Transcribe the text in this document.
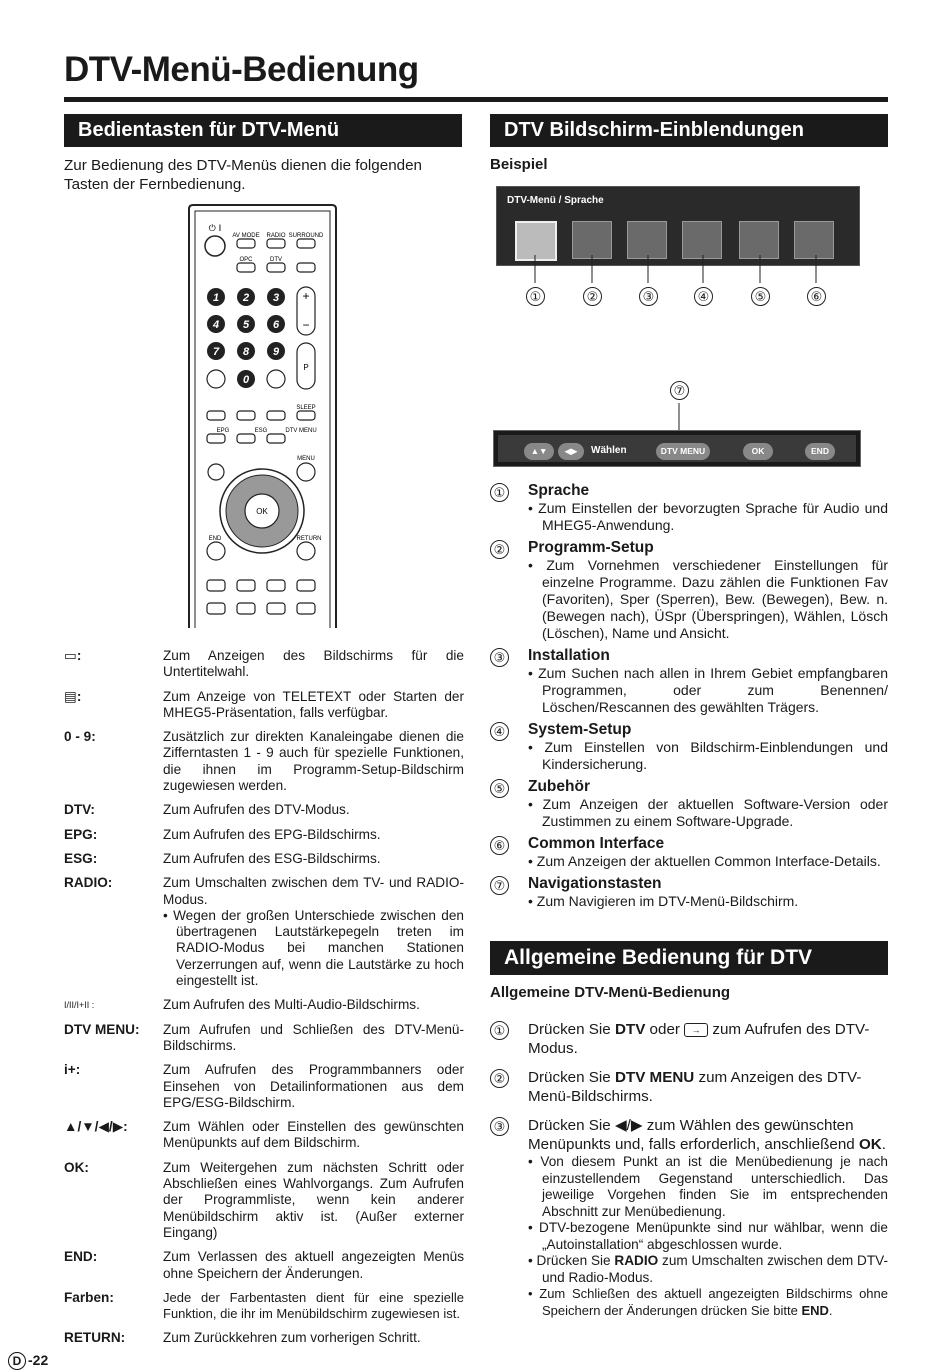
DTV-Menü-Bedienung
Bedientasten für DTV-Menü
Zur Bedienung des DTV-Menüs dienen die folgenden Tasten der Fernbedienung.
⏻ I
AV MODE RADIO SURROUND
OPC	DTV
1 2 3
4 5 6
7 8 9
0
+
−
P
SLEEP
EPG	ESG	DTV MENU
MENU
END	RETURN
OK
▭:	Zum Anzeigen des Bildschirms für die Untertitelwahl.
▤:	Zum Anzeige von TELETEXT oder Starten der MHEG5-Präsentation, falls verfügbar.
0 - 9:	Zusätzlich zur direkten Kanaleingabe dienen die Zifferntasten 1 - 9 auch für spezielle Funktionen, die ihnen im Programm-Setup-Bildschirm zugewiesen werden.
DTV:	Zum Aufrufen des DTV-Modus.
EPG:	Zum Aufrufen des EPG-Bildschirms.
ESG:	Zum Aufrufen des ESG-Bildschirms.
RADIO:	Zum Umschalten zwischen dem TV- und RADIO-Modus.
• Wegen der großen Unterschiede zwischen den übertragenen Lautstärkepegeln treten im RADIO-Modus bei manchen Stationen Verzerrungen auf, wenn die Lautstärke zu hoch eingestellt ist.
I/II/I+II :	Zum Aufrufen des Multi-Audio-Bildschirms.
DTV MENU:	Zum Aufrufen und Schließen des DTV-Menü-Bildschirms.
i+:	Zum Aufrufen des Programmbanners oder Einsehen von Detailinformationen aus dem EPG/ESG-Bildschirm.
▲/▼/◀/▶:	Zum Wählen oder Einstellen des gewünschten Menüpunkts auf dem Bildschirm.
OK:	Zum Weitergehen zum nächsten Schritt oder Abschließen eines Wahlvorgangs. Zum Aufrufen der Programmliste, wenn kein anderer Menübildschirm aktiv ist. (Außer externer Eingang)
END:	Zum Verlassen des aktuell angezeigten Menüs ohne Speichern der Änderungen.
Farben:	Jede der Farbentasten dient für eine spezielle Funktion, die ihr im Menübildschirm zugewiesen ist.
RETURN:	Zum Zurückkehren zum vorherigen Schritt.
DTV Bildschirm-Einblendungen
Beispiel
DTV-Menü / Sprache
①	②	③	④	⑤	⑥
⑦
▲▼	◀▶	Wählen	DTV MENU	OK	END
① Sprache
• Zum Einstellen der bevorzugten Sprache für Audio und MHEG5-Anwendung.
② Programm-Setup
• Zum Vornehmen verschiedener Einstellungen für einzelne Programme. Dazu zählen die Funktionen Fav (Favoriten), Sper (Sperren), Bew. (Bewegen), Bew. n. (Bewegen nach), ÜSpr (Überspringen), Wählen, Lösch (Löschen), Name und Ansicht.
③ Installation
• Zum Suchen nach allen in Ihrem Gebiet empfangbaren Programmen, oder zum Benennen/ Löschen/Rescannen des gewählten Trägers.
④ System-Setup
• Zum Einstellen von Bildschirm-Einblendungen und Kindersicherung.
⑤ Zubehör
• Zum Anzeigen der aktuellen Software-Version oder Zustimmen zu einem Software-Upgrade.
⑥ Common Interface
• Zum Anzeigen der aktuellen Common Interface-Details.
⑦ Navigationstasten
• Zum Navigieren im DTV-Menü-Bildschirm.
Allgemeine Bedienung für DTV
Allgemeine DTV-Menü-Bedienung
① Drücken Sie DTV oder → zum Aufrufen des DTV-Modus.
② Drücken Sie DTV MENU zum Anzeigen des DTV-Menü-Bildschirms.
③ Drücken Sie ◀/▶ zum Wählen des gewünschten Menüpunkts und, falls erforderlich, anschließend OK.
• Von diesem Punkt an ist die Menübedienung je nach einzustellendem Gegenstand unterschiedlich. Das jeweilige Vorgehen finden Sie im entsprechenden Abschnitt zur Menübedienung.
• DTV-bezogene Menüpunkte sind nur wählbar, wenn die „Autoinstallation“ abgeschlossen wurde.
• Drücken Sie RADIO zum Umschalten zwischen dem DTV- und Radio-Modus.
• Zum Schließen des aktuell angezeigten Bildschirms ohne Speichern der Änderungen drücken Sie bitte END.
D -22
